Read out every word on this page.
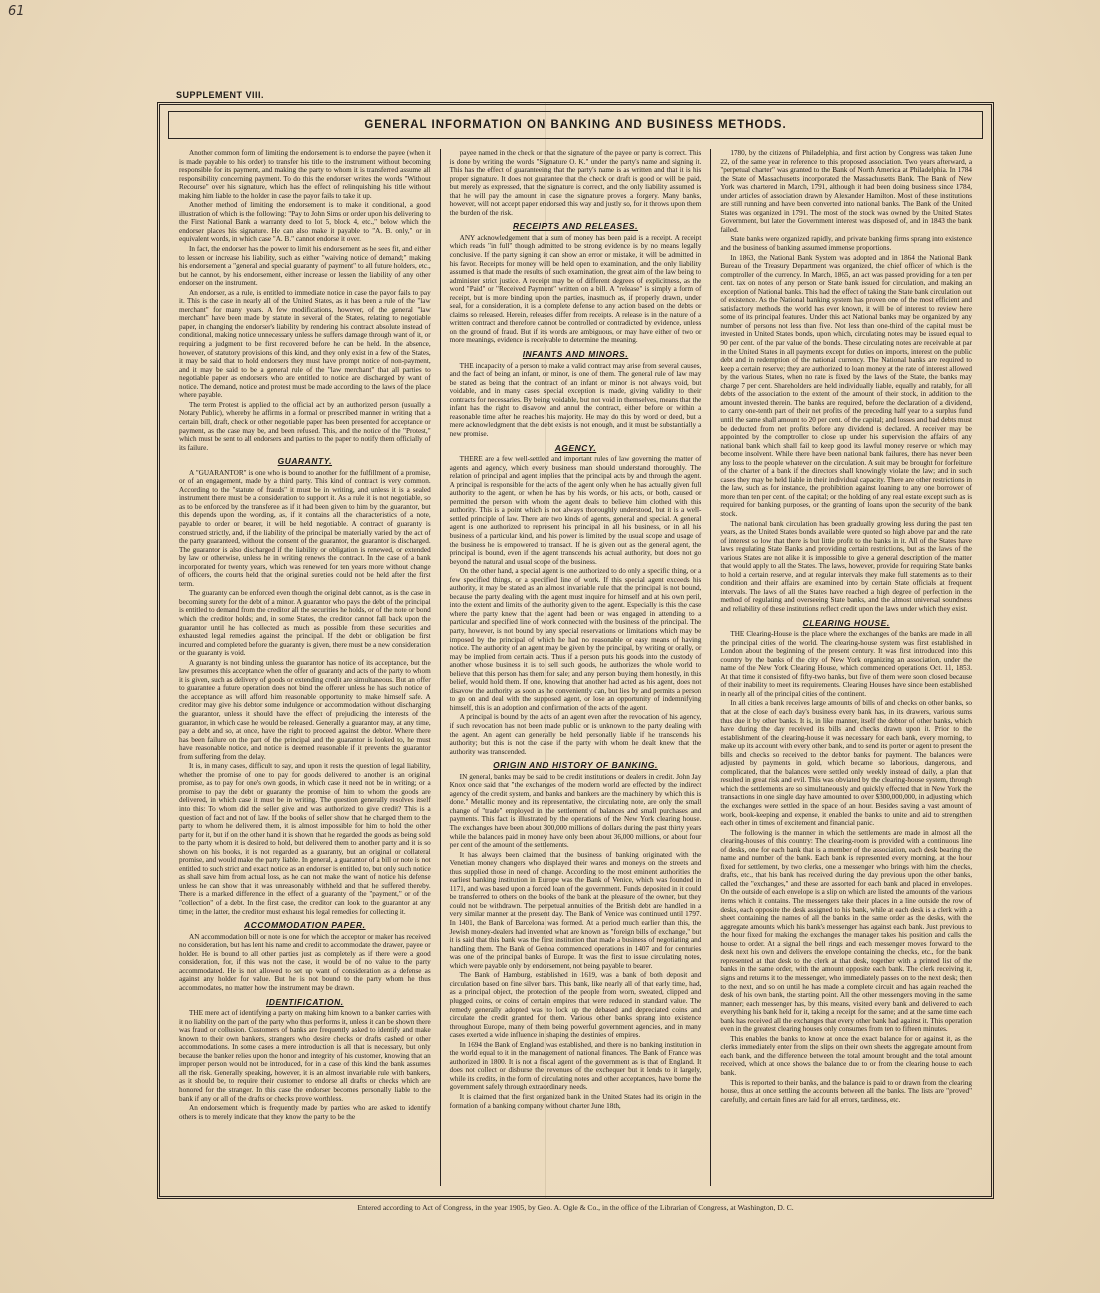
61
SUPPLEMENT VIII.
GENERAL INFORMATION ON BANKING AND BUSINESS METHODS.

Another common form of limiting the endorsement is to endorse the payee (when it is made payable to his order) to transfer his title to the instrument without becoming responsible for its payment, and making the party to whom it is transferred assume all responsibility concerning payment. To do this the endorser writes the words "Without Recourse" over his signature, which has the effect of relinquishing his title without making him liable to the holder in case the payor fails to take it up.

Another method of limiting the endorsement is to make it conditional, a good illustration of which is the following: "Pay to John Sims or order upon his delivering to the First National Bank a warranty deed to lot 5, block 4, etc.," below which the endorser places his signature. He can also make it payable to "A. B. only," or in equivalent words, in which case "A. B." cannot endorse it over.

In fact, the endorser has the power to limit his endorsement as he sees fit, and either to lessen or increase his liability, such as either "waiving notice of demand;" making his endorsement a "general and special guaranty of payment" to all future holders, etc., but he cannot, by his endorsement, either increase or lessen the liability of any other endorser on the instrument.

An endorser, as a rule, is entitled to immediate notice in case the payor fails to pay it. This is the case in nearly all of the United States, as it has been a rule of the "law merchant" for many years. A few modifications, however, of the general "law merchant" have been made by statute in several of the States, relating to negotiable paper, in changing the endorser's liability by rendering his contract absolute instead of conditional, making notice unnecessary unless he suffers damage through want of it, or requiring a judgment to be first recovered before he can be held. In the absence, however, of statutory provisions of this kind, and they only exist in a few of the States, it may be said that to hold endorsers they must have prompt notice of non-payment, and it may be said to be a general rule of the "law merchant" that all parties to negotiable paper as endorsers who are entitled to notice are discharged by want of notice. The demand, notice and protest must be made according to the laws of the place where payable.

The term Protest is applied to the official act by an authorized person (usually a Notary Public), whereby he affirms in a formal or prescribed manner in writing that a certain bill, draft, check or other negotiable paper has been presented for acceptance or payment, as the case may be, and been refused. This, and the notice of the "Protest," which must be sent to all endorsers and parties to the paper to notify them officially of its failure.

GUARANTY.

A "GUARANTOR" is one who is bound to another for the fulfillment of a promise, or of an engagement, made by a third party. This kind of contract is very common. According to the "statute of frauds" it must be in writing, and unless it is a sealed instrument there must be a consideration to support it. As a rule it is not negotiable, so as to be enforced by the transferee as if it had been given to him by the guarantor, but this depends upon the wording, as, if it contains all the characteristics of a note, payable to order or bearer, it will be held negotiable. A contract of guaranty is construed strictly, and, if the liability of the principal be materially varied by the act of the party guaranteed, without the consent of the guarantor, the guarantor is discharged. The guarantor is also discharged if the liability or obligation is renewed, or extended by law or otherwise, unless he in writing renews the contract. In the case of a bank incorporated for twenty years, which was renewed for ten years more without change of officers, the courts held that the original sureties could not be held after the first term.

The guaranty can be enforced even though the original debt cannot, as is the case in becoming surety for the debt of a minor. A guarantor who pays the debt of the principal is entitled to demand from the creditor all the securities he holds, or of the note or bond which the creditor holds; and, in some States, the creditor cannot fall back upon the guarantor until he has collected as much as possible from these securities and exhausted legal remedies against the principal. If the debt or obligation be first incurred and completed before the guaranty is given, there must be a new consideration or the guaranty is void.

A guaranty is not binding unless the guarantor has notice of its acceptance, but the law presumes this acceptance when the offer of guaranty and acts of the party to whom it is given, such as delivery of goods or extending credit are simultaneous. But an offer to guarantee a future operation does not bind the offerer unless he has such notice of the acceptance as will afford him reasonable opportunity to make himself safe. A creditor may give his debtor some indulgence or accommodation without discharging the guarantor, unless it should have the effect of prejudicing the interests of the guarantor, in which case he would be released. Generally a guarantor may, at any time, pay a debt and so, at once, have the right to proceed against the debtor. Where there has been failure on the part of the principal and the guarantor is looked to, he must have reasonable notice, and notice is deemed reasonable if it prevents the guarantor from suffering from the delay.

It is, in many cases, difficult to say, and upon it rests the question of legal liability, whether the promise of one to pay for goods delivered to another is an original promise, as to pay for one's own goods, in which case it need not be in writing; or a promise to pay the debt or guaranty the promise of him to whom the goods are delivered, in which case it must be in writing. The question generally resolves itself into this: To whom did the seller give and was authorized to give credit? This is a question of fact and not of law. If the books of seller show that he charged them to the party to whom he delivered them, it is almost impossible for him to hold the other party for it, but if on the other hand it is shown that he regarded the goods as being sold to the party whom it is desired to hold, but delivered them to another party and it is so shown on his books, it is not regarded as a guaranty, but an original or collateral promise, and would make the party liable. In general, a guarantor of a bill or note is not entitled to such strict and exact notice as an endorser is entitled to, but only such notice as shall save him from actual loss, as he can not make the want of notice his defense unless he can show that it was unreasonably withheld and that he suffered thereby. There is a marked difference in the effect of a guaranty of the "payment," or of the "collection" of a debt. In the first case, the creditor can look to the guarantor at any time; in the latter, the creditor must exhaust his legal remedies for collecting it.

ACCOMMODATION PAPER.

AN accommodation bill or note is one for which the acceptor or maker has received no consideration, but has lent his name and credit to accommodate the drawer, payee or holder. He is bound to all other parties just as completely as if there were a good consideration, for, if this was not the case, it would be of no value to the party accommodated. He is not allowed to set up want of consideration as a defense as against any holder for value. But he is not bound to the party whom he thus accommodates, no matter how the instrument may be drawn.

IDENTIFICATION.

THE mere act of identifying a party on making him known to a banker carries with it no liability on the part of the party who thus performs it, unless it can be shown there was fraud or collusion. Customers of banks are frequently asked to identify and make known to their own bankers, strangers who desire checks or drafts cashed or other accommodations. In some cases a mere introduction is all that is necessary, but only because the banker relies upon the honor and integrity of his customer, knowing that an improper person would not be introduced, for in a case of this kind the bank assumes all the risk. Generally speaking, however, it is an almost invariable rule with bankers, as it should be, to require their customer to endorse all drafts or checks which are honored for the stranger. In this case the endorser becomes personally liable to the bank if any or all of the drafts or checks prove worthless.

An endorsement which is frequently made by parties who are asked to identify others is to merely indicate that they know the party to be the

payee named in the check or that the signature of the payee or party is correct. This is done by writing the words "Signature O. K." under the party's name and signing it. This has the effect of guaranteeing that the party's name is as written and that it is his proper signature. It does not guarantee that the check or draft is good or will be paid, but merely as expressed, that the signature is correct, and the only liability assumed is that he will pay the amount in case the signature proves a forgery. Many banks, however, will not accept paper endorsed this way and justly so, for it throws upon them the burden of the risk.

RECEIPTS AND RELEASES.

ANY acknowledgement that a sum of money has been paid is a receipt. A receipt which reads "in full" though admitted to be strong evidence is by no means legally conclusive. If the party signing it can show an error or mistake, it will be admitted in his favor. Receipts for money will be held open to examination, and the only liability assumed is that made the results of such examination, the great aim of the law being to administer strict justice. A receipt may be of different degrees of explicitness, as the word "Paid" or "Received Payment" written on a bill. A "release" is simply a form of receipt, but is more binding upon the parties, inasmuch as, if properly drawn, under seal, for a consideration, it is a complete defense to any action based on the debts or claims so released. Herein, releases differ from receipts. A release is in the nature of a written contract and therefore cannot be controlled or contradicted by evidence, unless on the ground of fraud. But if its words are ambiguous, or may have either of two or more meanings, evidence is receivable to determine the meaning.

INFANTS AND MINORS.

THE incapacity of a person to make a valid contract may arise from several causes, and the fact of being an infant, or minor, is one of them. The general rule of law may be stated as being that the contract of an infant or minor is not always void, but voidable, and in many cases special exception is made, giving validity to their contracts for necessaries. By being voidable, but not void in themselves, means that the infant has the right to disavow and annul the contract, either before or within a reasonable time after he reaches his majority. He may do this by word or deed, but a mere acknowledgment that the debt exists is not enough, and it must be substantially a new promise.

AGENCY.

THERE are a few well-settled and important rules of law governing the matter of agents and agency, which every business man should understand thoroughly. The relation of principal and agent implies that the principal acts by and through the agent. A principal is responsible for the acts of the agent only when he has actually given full authority to the agent, or when he has by his words, or his acts, or both, caused or permitted the person with whom the agent deals to believe him clothed with this authority. This is a point which is not always thoroughly understood, but it is a well-settled principle of law. There are two kinds of agents, general and special. A general agent is one authorized to represent his principal in all his business, or in all his business of a particular kind, and his power is limited by the usual scope and usage of the business he is empowered to transact. If he is given out as the general agent, the principal is bound, even if the agent transcends his actual authority, but does not go beyond the natural and usual scope of the business.

On the other hand, a special agent is one authorized to do only a specific thing, or a few specified things, or a specified line of work. If this special agent exceeds his authority, it may be stated as an almost invariable rule that the principal is not bound, because the party dealing with the agent must inquire for himself and at his own peril, into the extent and limits of the authority given to the agent. Especially is this the case where the party knew that the agent had been or was engaged in attending to a particular and specified line of work connected with the business of the principal. The party, however, is not bound by any special reservations or limitations which may be imposed by the principal of which he had no reasonable or easy means of having notice. The authority of an agent may be given by the principal, by writing or orally, or may be implied from certain acts. Thus if a person puts his goods into the custody of another whose business it is to sell such goods, he authorizes the whole world to believe that this person has them for sale; and any person buying them honestly, in this belief, would hold them. If one, knowing that another had acted as his agent, does not disavow the authority as soon as he conveniently can, but lies by and permits a person to go on and deal with the supposed agent, or lose an opportunity of indemnifying himself, this is an adoption and confirmation of the acts of the agent.

A principal is bound by the acts of an agent even after the revocation of his agency, if such revocation has not been made public or is unknown to the party dealing with the agent. An agent can generally be held personally liable if he transcends his authority; but this is not the case if the party with whom he dealt knew that the authority was transcended.

ORIGIN AND HISTORY OF BANKING.

IN general, banks may be said to be credit institutions or dealers in credit. John Jay Knox once said that "the exchanges of the modern world are effected by the indirect agency of the credit system, and banks and bankers are the machinery by which this is done." Metallic money and its representative, the circulating note, are only the small change of "trade" employed in the settlement of balances and small purchases and payments. This fact is illustrated by the operations of the New York clearing house. The exchanges have been about 300,000 millions of dollars during the past thirty years while the balances paid in money have only been about 36,000 millions, or about four per cent of the amount of the settlements.

It has always been claimed that the business of banking originated with the Venetian money changers who displayed their wares and moneys on the streets and thus supplied those in need of change. According to the most eminent authorities the earliest banking institution in Europe was the Bank of Venice, which was founded in 1171, and was based upon a forced loan of the government. Funds deposited in it could be transferred to others on the books of the bank at the pleasure of the owner, but they could not be withdrawn. The perpetual annuities of the British debt are handled in a very similar manner at the present day. The Bank of Venice was continued until 1797. In 1401, the Bank of Barcelona was formed. At a period much earlier than this, the Jewish money-dealers had invented what are known as "foreign bills of exchange," but it is said that this bank was the first institution that made a business of negotiating and handling them. The Bank of Genoa commenced operations in 1407 and for centuries was one of the principal banks of Europe. It was the first to issue circulating notes, which were payable only by endorsement, not being payable to bearer.

The Bank of Hamburg, established in 1619, was a bank of both deposit and circulation based on fine silver bars. This bank, like nearly all of that early time, had, as a principal object, the protection of the people from worn, sweated, clipped and plugged coins, or coins of certain empires that were reduced in standard value. The remedy generally adopted was to lock up the debased and depreciated coins and circulate the credit granted for them. Various other banks sprang into existence throughout Europe, many of them being powerful government agencies, and in many cases exerted a wide influence in shaping the destinies of empires.

In 1694 the Bank of England was established, and there is no banking institution in the world equal to it in the management of national finances. The Bank of France was authorized in 1800. It is not a fiscal agent of the government as is that of England. It does not collect or disburse the revenues of the exchequer but it lends to it largely, while its credits, in the form of circulating notes and other acceptances, have borne the government safely through extraordinary needs.

It is claimed that the first organized bank in the United States had its origin in the formation of a banking company without charter June 18th,

1780, by the citizens of Philadelphia, and first action by Congress was taken June 22, of the same year in reference to this proposed association. Two years afterward, a "perpetual charter" was granted to the Bank of North America at Philadelphia. In 1784 the State of Massachusetts incorporated the Massachusetts Bank. The Bank of New York was chartered in March, 1791, although it had been doing business since 1784, under articles of association drawn by Alexander Hamilton. Most of these institutions are still running and have been converted into national banks. The Bank of the United States was organized in 1791. The most of the stock was owned by the United States Government, but later the Government interest was disposed of, and in 1843 the bank failed.

State banks were organized rapidly, and private banking firms sprang into existence and the business of banking assumed immense proportions.

In 1863, the National Bank System was adopted and in 1864 the National Bank Bureau of the Treasury Department was organized, the chief officer of which is the comptroller of the currency. In March, 1865, an act was passed providing for a ten per cent. tax on notes of any person or State bank issued for circulation, and making an exception of National banks. This had the effect of taking the State bank circulation out of existence. As the National banking system has proven one of the most efficient and satisfactory methods the world has ever known, it will be of interest to review here some of its principal features. Under this act National banks may be organized by any number of persons not less than five. Not less than one-third of the capital must be invested in United States bonds, upon which, circulating notes may be issued equal to 90 per cent. of the par value of the bonds. These circulating notes are receivable at par in the United States in all payments except for duties on imports, interest on the public debt and in redemption of the national currency. The National banks are required to keep a certain reserve; they are authorized to loan money at the rate of interest allowed by the various States, when no rate is fixed by the laws of the State, the banks may charge 7 per cent. Shareholders are held individually liable, equally and ratably, for all debts of the association to the extent of the amount of their stock, in addition to the amount invested therein. The banks are required, before the declaration of a dividend, to carry one-tenth part of their net profits of the preceding half year to a surplus fund until the same shall amount to 20 per cent. of the capital; and losses and bad debts must be deducted from net profits before any dividend is declared. A receiver may be appointed by the comptroller to close up under his supervision the affairs of any national bank which shall fail to keep good its lawful money reserve or which may become insolvent. While there have been national bank failures, there has never been any loss to the people whatever on the circulation. A suit may be brought for forfeiture of the charter of a bank if the directors shall knowingly violate the law; and in such cases they may be held liable in their individual capacity. There are other restrictions in the law, such as for instance, the prohibition against loaning to any one borrower of more than ten per cent. of the capital; or the holding of any real estate except such as is required for banking purposes, or the granting of loans upon the security of the bank stock.

The national bank circulation has been gradually growing less during the past ten years, as the United States bonds available were quoted so high above par and the rate of interest so low that there is but little profit to the banks in it. All of the States have laws regulating State Banks and providing certain restrictions, but as the laws of the various States are not alike it is impossible to give a general description of the matter that would apply to all the States. The laws, however, provide for requiring State banks to hold a certain reserve, and at regular intervals they make full statements as to their condition and their affairs are examined into by certain State officials at frequent intervals. The laws of all the States have reached a high degree of perfection in the method of regulating and overseeing State banks, and the almost universal soundness and reliability of these institutions reflect credit upon the laws under which they exist.

CLEARING HOUSE.

THE Clearing-House is the place where the exchanges of the banks are made in all the principal cities of the world. The clearing-house system was first established in London about the beginning of the present century. It was first introduced into this country by the banks of the city of New York organizing an association, under the name of the New York Clearing House, which commenced operations Oct. 11, 1853. At that time it consisted of fifty-two banks, but five of them were soon closed because of their inability to meet its requirements. Clearing Houses have since been established in nearly all of the principal cities of the continent.

In all cities a bank receives large amounts of bills of and checks on other banks, so that at the close of each day's business every bank has, in its drawers, various sums thus due it by other banks. It is, in like manner, itself the debtor of other banks, which have during the day received its bills and checks drawn upon it. Prior to the establishment of the clearing-house it was necessary for each bank, every morning, to make up its account with every other bank, and to send its porter or agent to present the bills and checks so received to the debtor banks for payment. The balances were adjusted by payments in gold, which became so laborious, dangerous, and complicated, that the balances were settled only weekly instead of daily, a plan that resulted in great risk and evil. This was obviated by the clearing-house system, through which the settlements are so simultaneously and quickly effected that in New York the transactions in one single day have amounted to over $300,000,000, in adjusting which the exchanges were settled in the space of an hour. Besides saving a vast amount of work, book-keeping and expense, it enabled the banks to unite and aid to strengthen each other in times of excitement and financial panic.

The following is the manner in which the settlements are made in almost all the clearing-houses of this country: The clearing-room is provided with a continuous line of desks, one for each bank that is a member of the association, each desk bearing the name and number of the bank. Each bank is represented every morning, at the hour fixed for settlement, by two clerks, one a messenger who brings with him the checks, drafts, etc., that his bank has received during the day previous upon the other banks, called the "exchanges," and these are assorted for each bank and placed in envelopes. On the outside of each envelope is a slip on which are listed the amounts of the various items which it contains. The messengers take their places in a line outside the row of desks, each opposite the desk assigned to his bank, while at each desk is a clerk with a sheet containing the names of all the banks in the same order as the desks, with the aggregate amounts which his bank's messenger has against each bank. Just previous to the hour fixed for making the exchanges the manager takes his position and calls the house to order. At a signal the bell rings and each messenger moves forward to the desk next his own and delivers the envelope containing the checks, etc., for the bank represented at that desk to the clerk at that desk, together with a printed list of the banks in the same order, with the amount opposite each bank. The clerk receiving it, signs and returns it to the messenger, who immediately passes on to the next desk; then to the next, and so on until he has made a complete circuit and has again reached the desk of his own bank, the starting point. All the other messengers moving in the same manner; each messenger has, by this means, visited every bank and delivered to each everything his bank held for it, taking a receipt for the same; and at the same time each bank has received all the exchanges that every other bank had against it. This operation even in the greatest clearing houses only consumes from ten to fifteen minutes.

This enables the banks to know at once the exact balance for or against it, as the clerks immediately enter from the slips on their own sheets the aggregate amount from each bank, and the difference between the total amount brought and the total amount received, which at once shows the balance due to or from the clearing house to each bank.

This is reported to their banks, and the balance is paid to or drawn from the clearing house, thus at once settling the accounts between all the banks. The lists are "proved" carefully, and certain fines are laid for all errors, tardiness, etc.

Entered according to Act of Congress, in the year 1905, by Geo. A. Ogle & Co., in the office of the Librarian of Congress, at Washington, D. C.
